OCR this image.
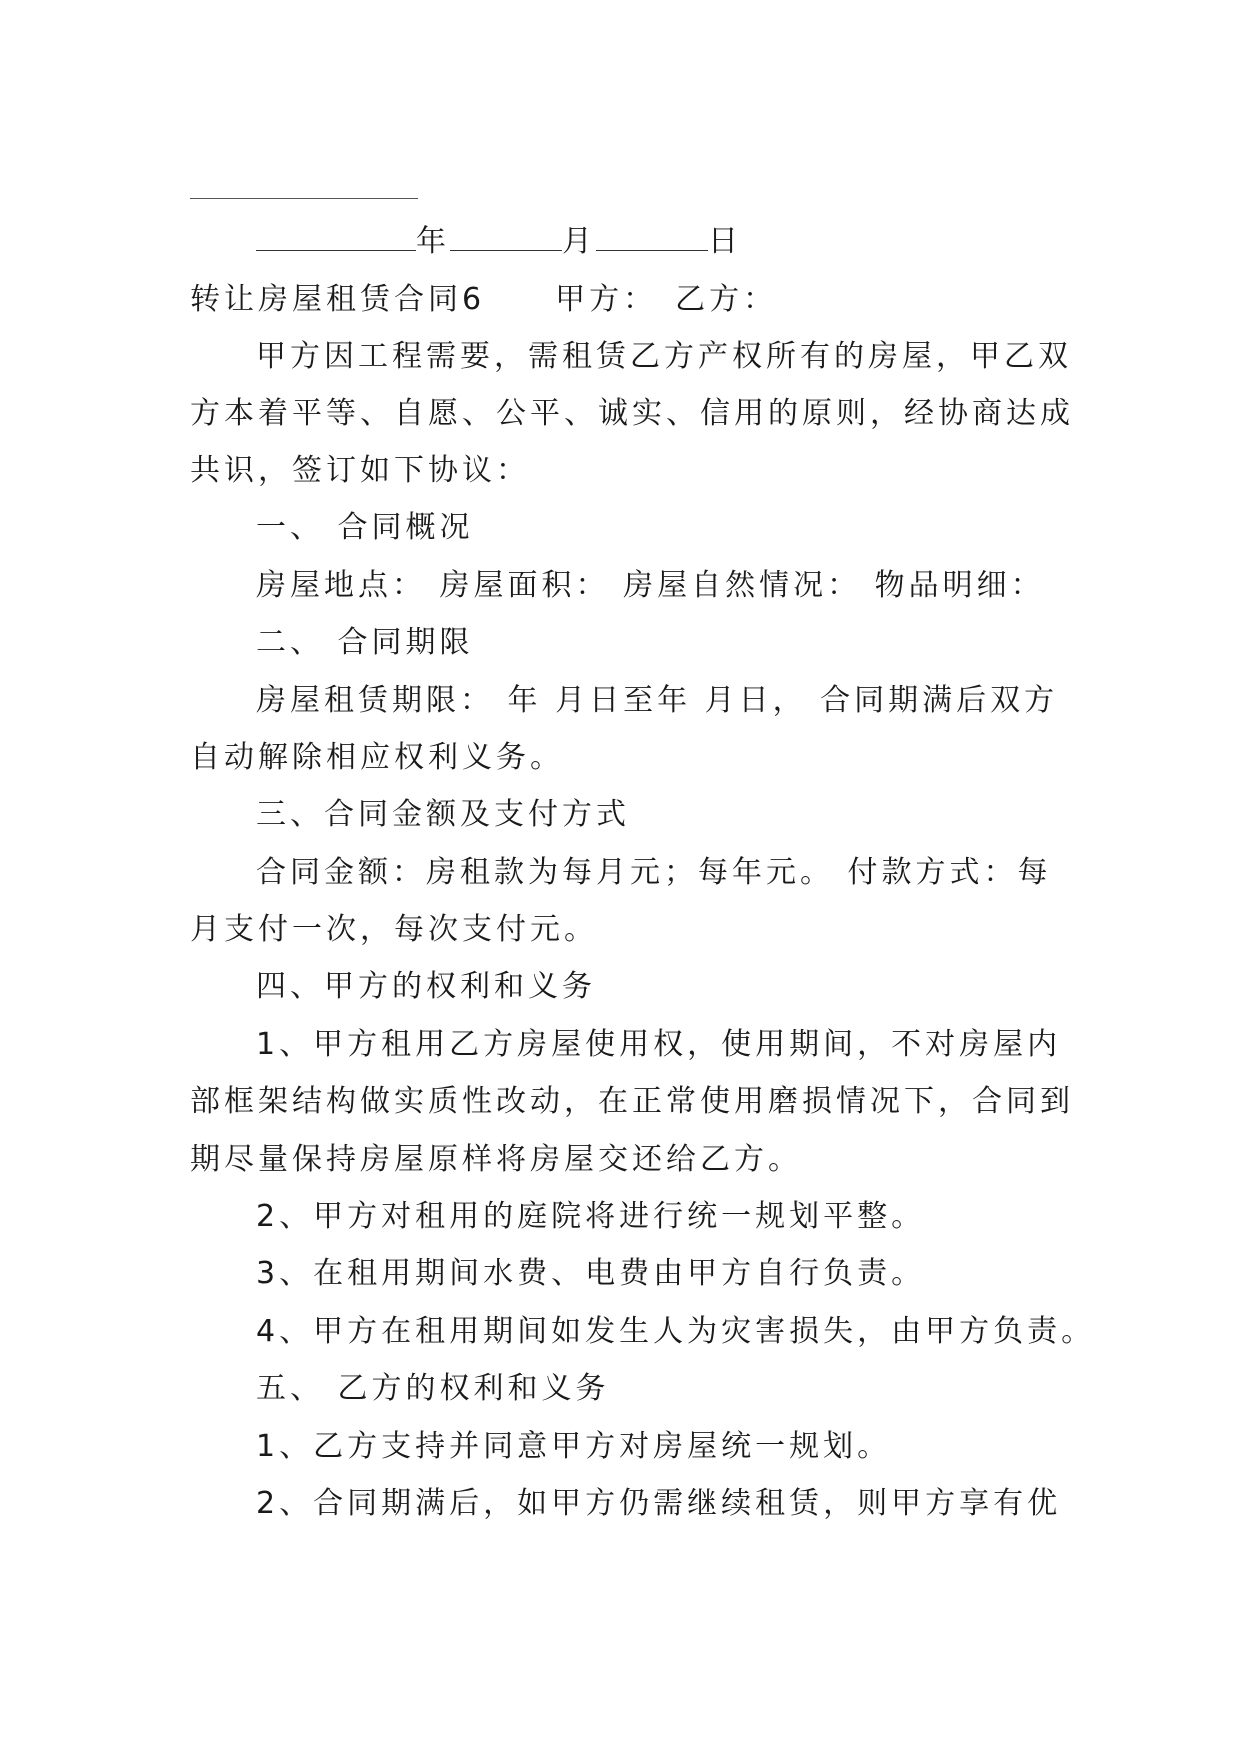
年	月	日
转让房屋租赁合同6 甲方： 乙方：
甲方因工程需要，需租赁乙方产权所有的房屋，甲乙双
方本着平等、自愿、公平、诚实、信用的原则，经协商达成
共识，签订如下协议：
一、 合同概况
房屋地点： 房屋面积： 房屋自然情况： 物品明细：
二、 合同期限
房屋租赁期限： 年 月日至年 月日， 合同期满后双方
自动解除相应权利义务。
三、合同金额及支付方式
合同金额：房租款为每月元；每年元。 付款方式：每
月支付一次，每次支付元。
四、甲方的权利和义务
1、甲方租用乙方房屋使用权，使用期间，不对房屋内
部框架结构做实质性改动，在正常使用磨损情况下，合同到
期尽量保持房屋原样将房屋交还给乙方。
2、甲方对租用的庭院将进行统一规划平整。
3、在租用期间水费、电费由甲方自行负责。
4、甲方在租用期间如发生人为灾害损失，由甲方负责。
五、 乙方的权利和义务
1、乙方支持并同意甲方对房屋统一规划。
2、合同期满后，如甲方仍需继续租赁，则甲方享有优
